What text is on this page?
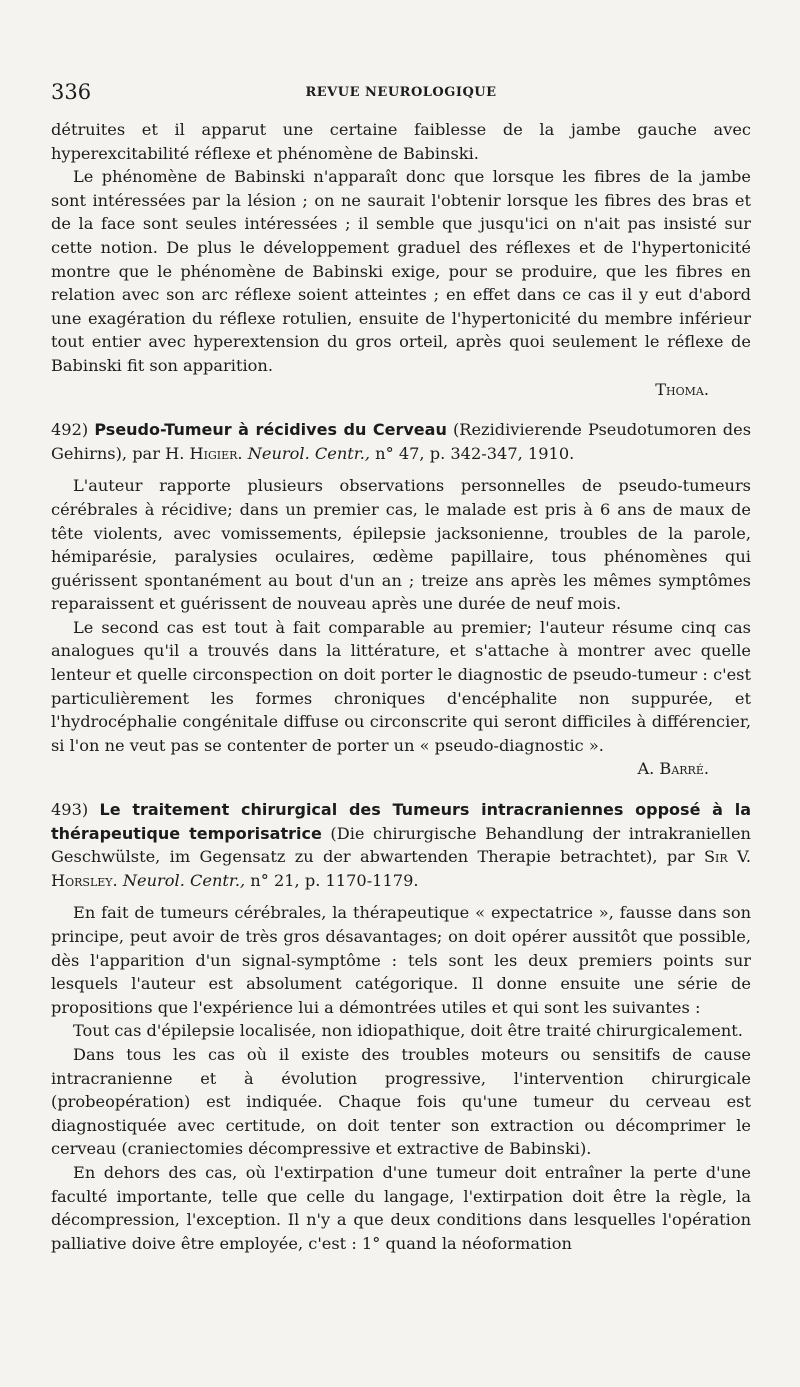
336	REVUE NEUROLOGIQUE

détruites et il apparut une certaine faiblesse de la jambe gauche avec hyperexcitabilité réflexe et phénomène de Babinski.

Le phénomène de Babinski n'apparaît donc que lorsque les fibres de la jambe sont intéressées par la lésion ; on ne saurait l'obtenir lorsque les fibres des bras et de la face sont seules intéressées ; il semble que jusqu'ici on n'ait pas insisté sur cette notion. De plus le développement graduel des réflexes et de l'hypertonicité montre que le phénomène de Babinski exige, pour se produire, que les fibres en relation avec son arc réflexe soient atteintes ; en effet dans ce cas il y eut d'abord une exagération du réflexe rotulien, ensuite de l'hypertonicité du membre inférieur tout entier avec hyperextension du gros orteil, après quoi seulement le réflexe de Babinski fit son apparition.

Thoma.

492) Pseudo-Tumeur à récidives du Cerveau (Rezidivierende Pseudotumoren des Gehirns), par H. Higier. Neurol. Centr., n° 47, p. 342-347, 1910.

L'auteur rapporte plusieurs observations personnelles de pseudo-tumeurs cérébrales à récidive; dans un premier cas, le malade est pris à 6 ans de maux de tête violents, avec vomissements, épilepsie jacksonienne, troubles de la parole, hémiparésie, paralysies oculaires, œdème papillaire, tous phénomènes qui guérissent spontanément au bout d'un an ; treize ans après les mêmes symptômes reparaissent et guérissent de nouveau après une durée de neuf mois.

Le second cas est tout à fait comparable au premier; l'auteur résume cinq cas analogues qu'il a trouvés dans la littérature, et s'attache à montrer avec quelle lenteur et quelle circonspection on doit porter le diagnostic de pseudo-tumeur : c'est particulièrement les formes chroniques d'encéphalite non suppurée, et l'hydrocéphalie congénitale diffuse ou circonscrite qui seront difficiles à différencier, si l'on ne veut pas se contenter de porter un « pseudo-diagnostic ».

A. Barré.

493) Le traitement chirurgical des Tumeurs intracraniennes opposé à la thérapeutique temporisatrice (Die chirurgische Behandlung der intrakraniellen Geschwülste, im Gegensatz zu der abwartenden Therapie betrachtet), par Sir V. Horsley. Neurol. Centr., n° 21, p. 1170-1179.

En fait de tumeurs cérébrales, la thérapeutique « expectatrice », fausse dans son principe, peut avoir de très gros désavantages; on doit opérer aussitôt que possible, dès l'apparition d'un signal-symptôme : tels sont les deux premiers points sur lesquels l'auteur est absolument catégorique. Il donne ensuite une série de propositions que l'expérience lui a démontrées utiles et qui sont les suivantes :

Tout cas d'épilepsie localisée, non idiopathique, doit être traité chirurgicalement.

Dans tous les cas où il existe des troubles moteurs ou sensitifs de cause intracranienne et à évolution progressive, l'intervention chirurgicale (probeopération) est indiquée. Chaque fois qu'une tumeur du cerveau est diagnostiquée avec certitude, on doit tenter son extraction ou décomprimer le cerveau (craniectomies décompressive et extractive de Babinski).

En dehors des cas, où l'extirpation d'une tumeur doit entraîner la perte d'une faculté importante, telle que celle du langage, l'extirpation doit être la règle, la décompression, l'exception. Il n'y a que deux conditions dans lesquelles l'opération palliative doive être employée, c'est : 1° quand la néoformation
